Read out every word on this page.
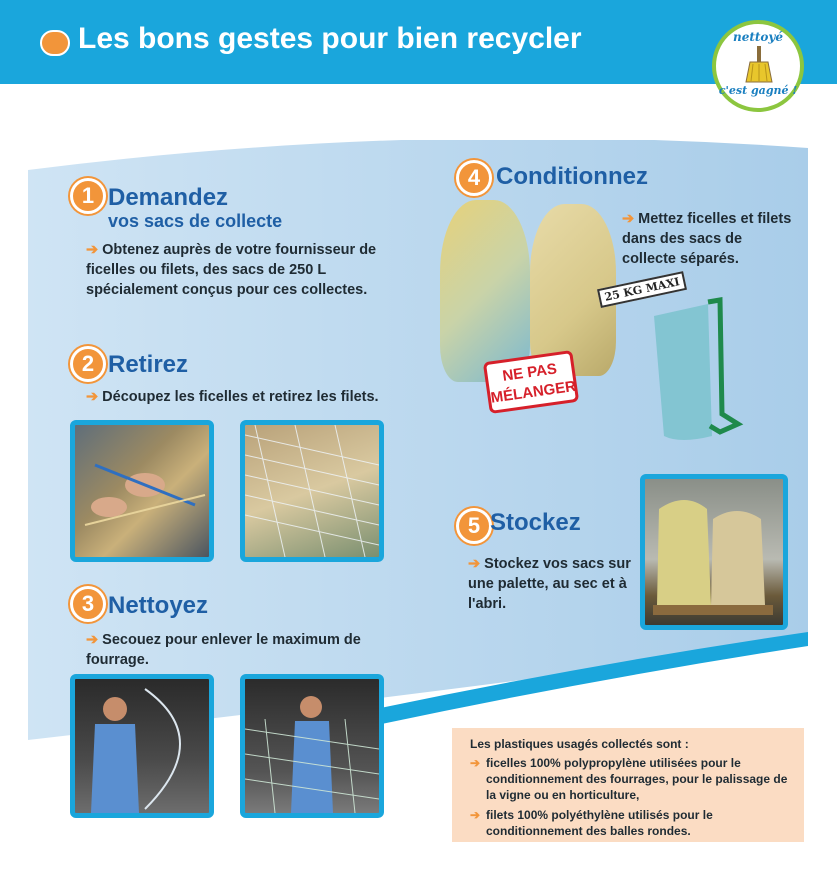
Les bons gestes pour bien recycler	nettoyé
c'est gagné !
1 Demandez
vos sacs de collecte
➔ Obtenez auprès de votre fournisseur de ficelles ou filets, des sacs de 250 L spécialement conçus pour ces collectes.
2 Retirez
➔ Découpez les ficelles et retirez les filets.
3 Nettoyez
➔ Secouez pour enlever le maximum de fourrage.
4 Conditionnez
➔ Mettez ficelles et filets dans des sacs de collecte séparés.
NE PAS MÉLANGER
25 KG MAXI
5 Stockez
➔ Stockez vos sacs sur une palette, au sec et à l'abri.
Les plastiques usagés collectés sont :
➔ ficelles 100% polypropylène utilisées pour le conditionnement des fourrages, pour le palissage de la vigne ou en horticulture,
➔ filets 100% polyéthylène utilisés pour le conditionnement des balles rondes.
